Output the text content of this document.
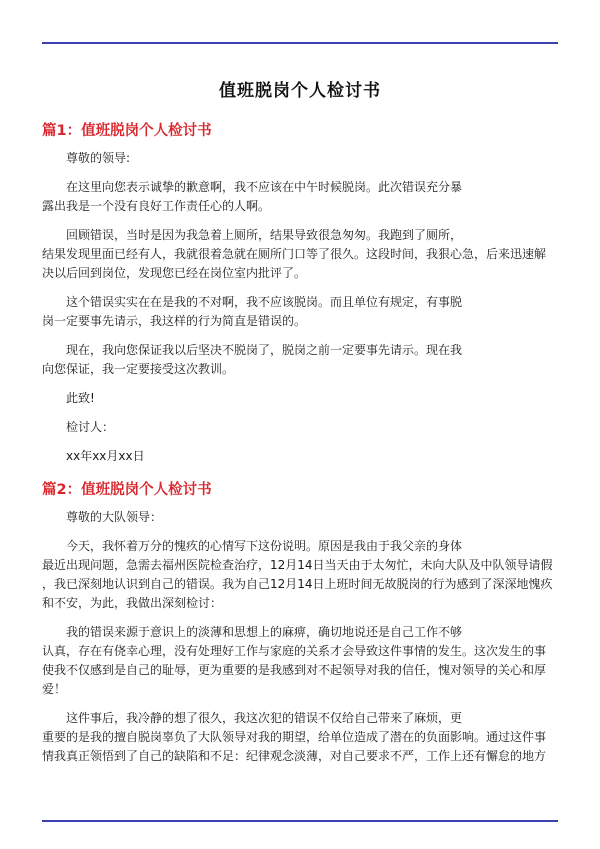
值班脱岗个人检讨书
篇1：值班脱岗个人检讨书
尊敬的领导:
在这里向您表示诚挚的歉意啊，我不应该在中午时候脱岗。此次错误充分暴
露出我是一个没有良好工作责任心的人啊。
回顾错误，当时是因为我急着上厕所，结果导致很急匆匆。我跑到了厕所，
结果发现里面已经有人，我就很着急就在厕所门口等了很久。这段时间，我狠心急，后来迅速解
决以后回到岗位，发现您已经在岗位室内批评了。
这个错误实实在在是我的不对啊，我不应该脱岗。而且单位有规定，有事脱
岗一定要事先请示，我这样的行为简直是错误的。
现在，我向您保证我以后坚决不脱岗了，脱岗之前一定要事先请示。现在我
向您保证，我一定要接受这次教训。
此致!
检讨人：
xx年xx月xx日
篇2：值班脱岗个人检讨书
尊敬的大队领导：
今天，我怀着万分的愧疚的心情写下这份说明。原因是我由于我父亲的身体
最近出现问题，急需去福州医院检查治疗，12月14日当天由于太匆忙，未向大队及中队领导请假
，我已深刻地认识到自己的错误。我为自己12月14日上班时间无故脱岗的行为感到了深深地愧疚
和不安，为此，我做出深刻检讨：
我的错误来源于意识上的淡薄和思想上的麻痹，确切地说还是自己工作不够
认真，存在有侥幸心理，没有处理好工作与家庭的关系才会导致这件事情的发生。这次发生的事
使我不仅感到是自己的耻辱，更为重要的是我感到对不起领导对我的信任，愧对领导的关心和厚
爱！
这件事后，我冷静的想了很久，我这次犯的错误不仅给自己带来了麻烦，更
重要的是我的擅自脱岗辜负了大队领导对我的期望，给单位造成了潜在的负面影响。通过这件事
情我真正领悟到了自己的缺陷和不足：纪律观念淡薄，对自己要求不严，工作上还有懈怠的地方
